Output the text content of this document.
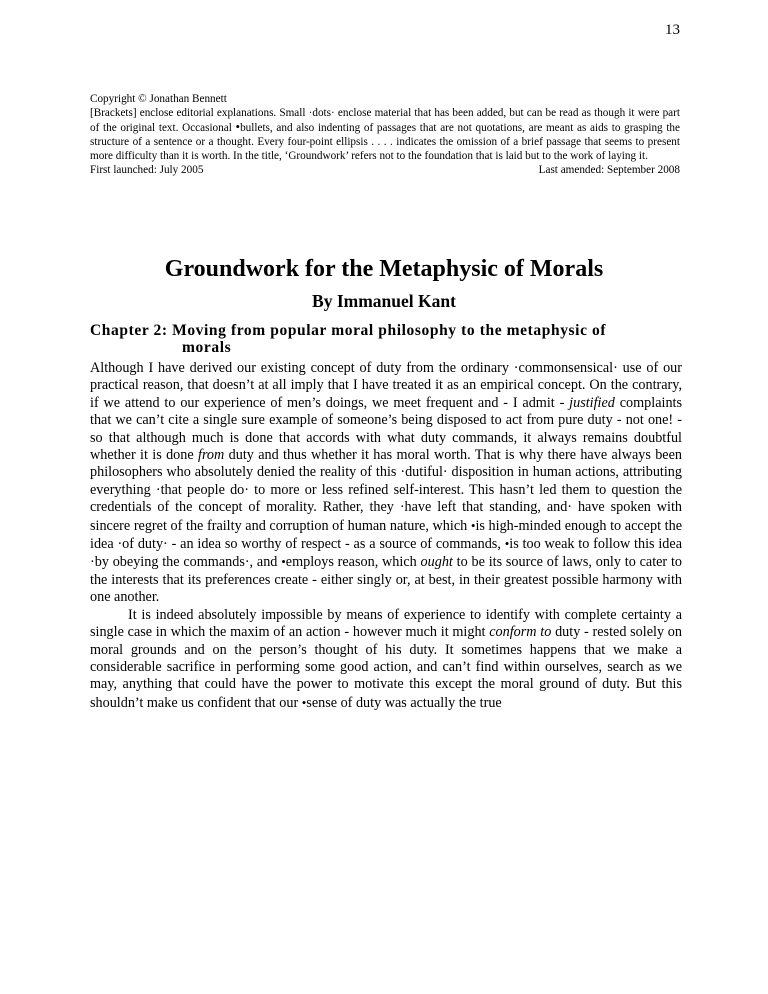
13

Copyright © Jonathan Bennett

[Brackets] enclose editorial explanations. Small ·dots· enclose material that has been added, but can be read as though it were part of the original text. Occasional •bullets, and also indenting of passages that are not quotations, are meant as aids to grasping the structure of a sentence or a thought. Every four-point ellipsis . . . . indicates the omission of a brief passage that seems to present more difficulty than it is worth. In the title, ‘Groundwork’ refers not to the foundation that is laid but to the work of laying it.

First launched: July 2005	Last amended: September 2008
Groundwork for the Metaphysic of Morals
By Immanuel Kant
Chapter 2: Moving from popular moral philosophy to the metaphysic of
morals

Although I have derived our existing concept of duty from the ordinary ·commonsensical· use of our practical reason, that doesn’t at all imply that I have treated it as an empirical concept. On the contrary, if we attend to our experience of men’s doings, we meet frequent and - I admit - justified complaints that we can’t cite a single sure example of someone’s being disposed to act from pure duty - not one! - so that although much is done that accords with what duty commands, it always remains doubtful whether it is done from duty and thus whether it has moral worth. That is why there have always been philosophers who absolutely denied the reality of this ·dutiful· disposition in human actions, attributing everything ·that people do· to more or less refined self-interest. This hasn’t led them to question the credentials of the concept of morality. Rather, they ·have left that standing, and· have spoken with sincere regret of the frailty and corruption of human nature, which •is high-minded enough to accept the idea ·of duty· - an idea so worthy of respect - as a source of commands, •is too weak to follow this idea ·by obeying the commands·, and •employs reason, which ought to be its source of laws, only to cater to the interests that its preferences create - either singly or, at best, in their greatest possible harmony with one another.

It is indeed absolutely impossible by means of experience to identify with complete certainty a single case in which the maxim of an action - however much it might conform to duty - rested solely on moral grounds and on the person’s thought of his duty. It sometimes happens that we make a considerable sacrifice in performing some good action, and can’t find within ourselves, search as we may, anything that could have the power to motivate this except the moral ground of duty. But this shouldn’t make us confident that our •sense of duty was actually the true
